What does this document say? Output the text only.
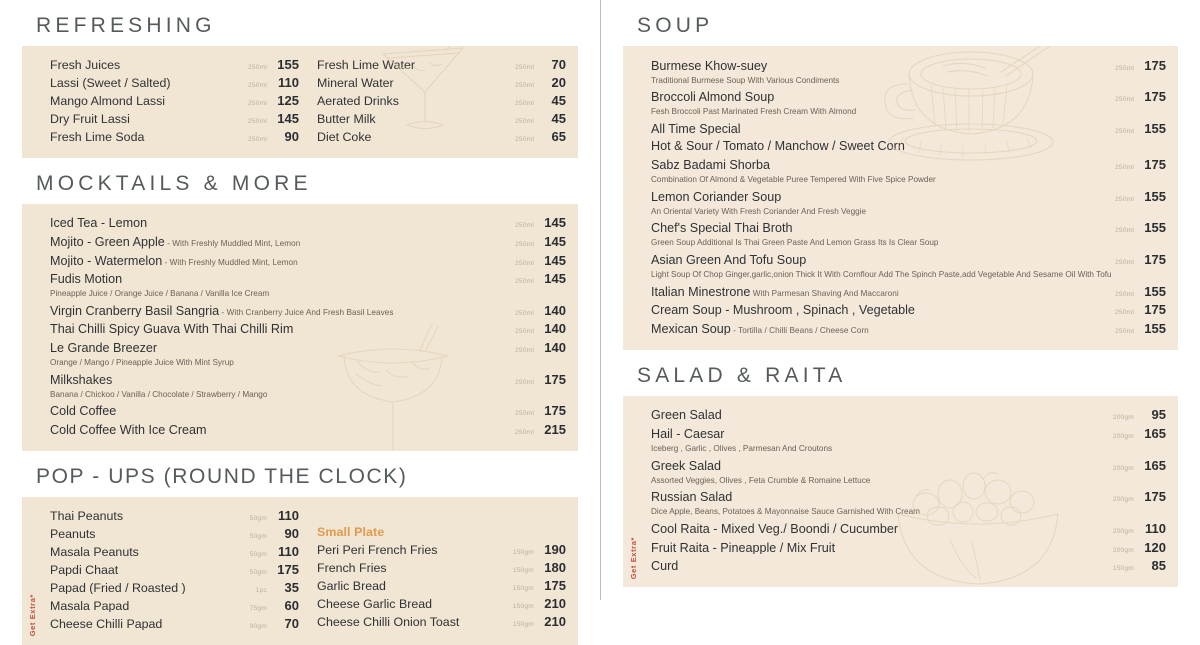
REFRESHING
Fresh Juices	250ml 155
Lassi (Sweet / Salted)	250ml 110
Mango Almond Lassi	250ml 125
Dry Fruit Lassi	250ml 145
Fresh Lime Soda	250ml	90
Fresh Lime Water	250ml	70
Mineral Water	250ml	20
Aerated Drinks	250ml	45
Butter Milk	250ml	45
Diet Coke	250ml	65
MOCKTAILS & MORE
Iced Tea - Lemon	250ml 145
Mojito - Green Apple - With Freshly Muddled Mint, Lemon	250ml 145
Mojito - Watermelon - With Freshly Muddled Mint, Lemon	250ml 145
Fudis Motion	250ml 145
Pineapple Juice / Orange Juice / Banana / Vanilla Ice Cream
Virgin Cranberry Basil Sangria - With Cranberry Juice And Fresh Basil Leaves	250ml 140
Thai Chilli Spicy Guava With Thai Chilli Rim	250ml 140
Le Grande Breezer	250ml 140
Orange / Mango / Pineapple Juice With Mint Syrup
Milkshakes	250ml 175
Banana / Chickoo / Vanilla / Chocolate / Strawberry / Mango
Cold Coffee	250ml 175
Cold Coffee With Ice Cream	250ml 215
POP - UPS (ROUND THE CLOCK)
Get Extra*
Thai Peanuts	50gm 110
Peanuts	50gm	90
Masala Peanuts	50gm 110
Papdi Chaat	50gm 175
Papad (Fried / Roasted )	1pc	35
Masala Papad	75gm	60
Cheese Chilli Papad	90gm	70
Small Plate
Peri Peri French Fries	150gm 190
French Fries	150gm 180
Garlic Bread	150gm 175
Cheese Garlic Bread	150gm 210
Cheese Chilli Onion Toast	150gm 210
SOUP
Burmese Khow-suey	250ml 175
Traditional Burmese Soup With Various Condiments
Broccoli Almond Soup	250ml 175
Fesh Broccoli Past Marinated Fresh Cream With Almond
All Time Special	250ml 155
Hot & Sour / Tomato / Manchow / Sweet Corn
Sabz Badami Shorba	250ml 175
Combination Of Almond & Vegetable Puree Tempered With Five Spice Powder
Lemon Coriander Soup	250ml 155
An Oriental Variety With Fresh Coriander And Fresh Veggie
Chef's Special Thai Broth	250ml 155
Green Soup Additional Is Thai Green Paste And Lemon Grass Its Is Clear Soup
Asian Green And Tofu Soup	250ml 175
Light Soup Of Chop Ginger,garlic,onion Thick It With Cornflour Add The Spinch Paste,add Vegetable And Sesame Oil With Tofu
Italian Minestrone With Parmesan Shaving And Maccaroni	250ml 155
Cream Soup - Mushroom , Spinach , Vegetable	250ml 175
Mexican Soup - Tortilla / Chilli Beans / Cheese Corn	250ml 155
SALAD & RAITA
Get Extra*
Green Salad	200gm	95
Hail - Caesar	200gm 165
Iceberg , Garlic , Olives , Parmesan And Croutons
Greek Salad	200gm 165
Assorted Veggies, Olives , Feta Crumble & Romaine Lettuce
Russian Salad	200gm 175
Dice Apple, Beans, Potatoes & Mayonnaise Sauce Garnished With Cream
Cool Raita - Mixed Veg./ Boondi / Cucumber	200gm 110
Fruit Raita - Pineapple / Mix Fruit	200gm 120
Curd	150gm	85
